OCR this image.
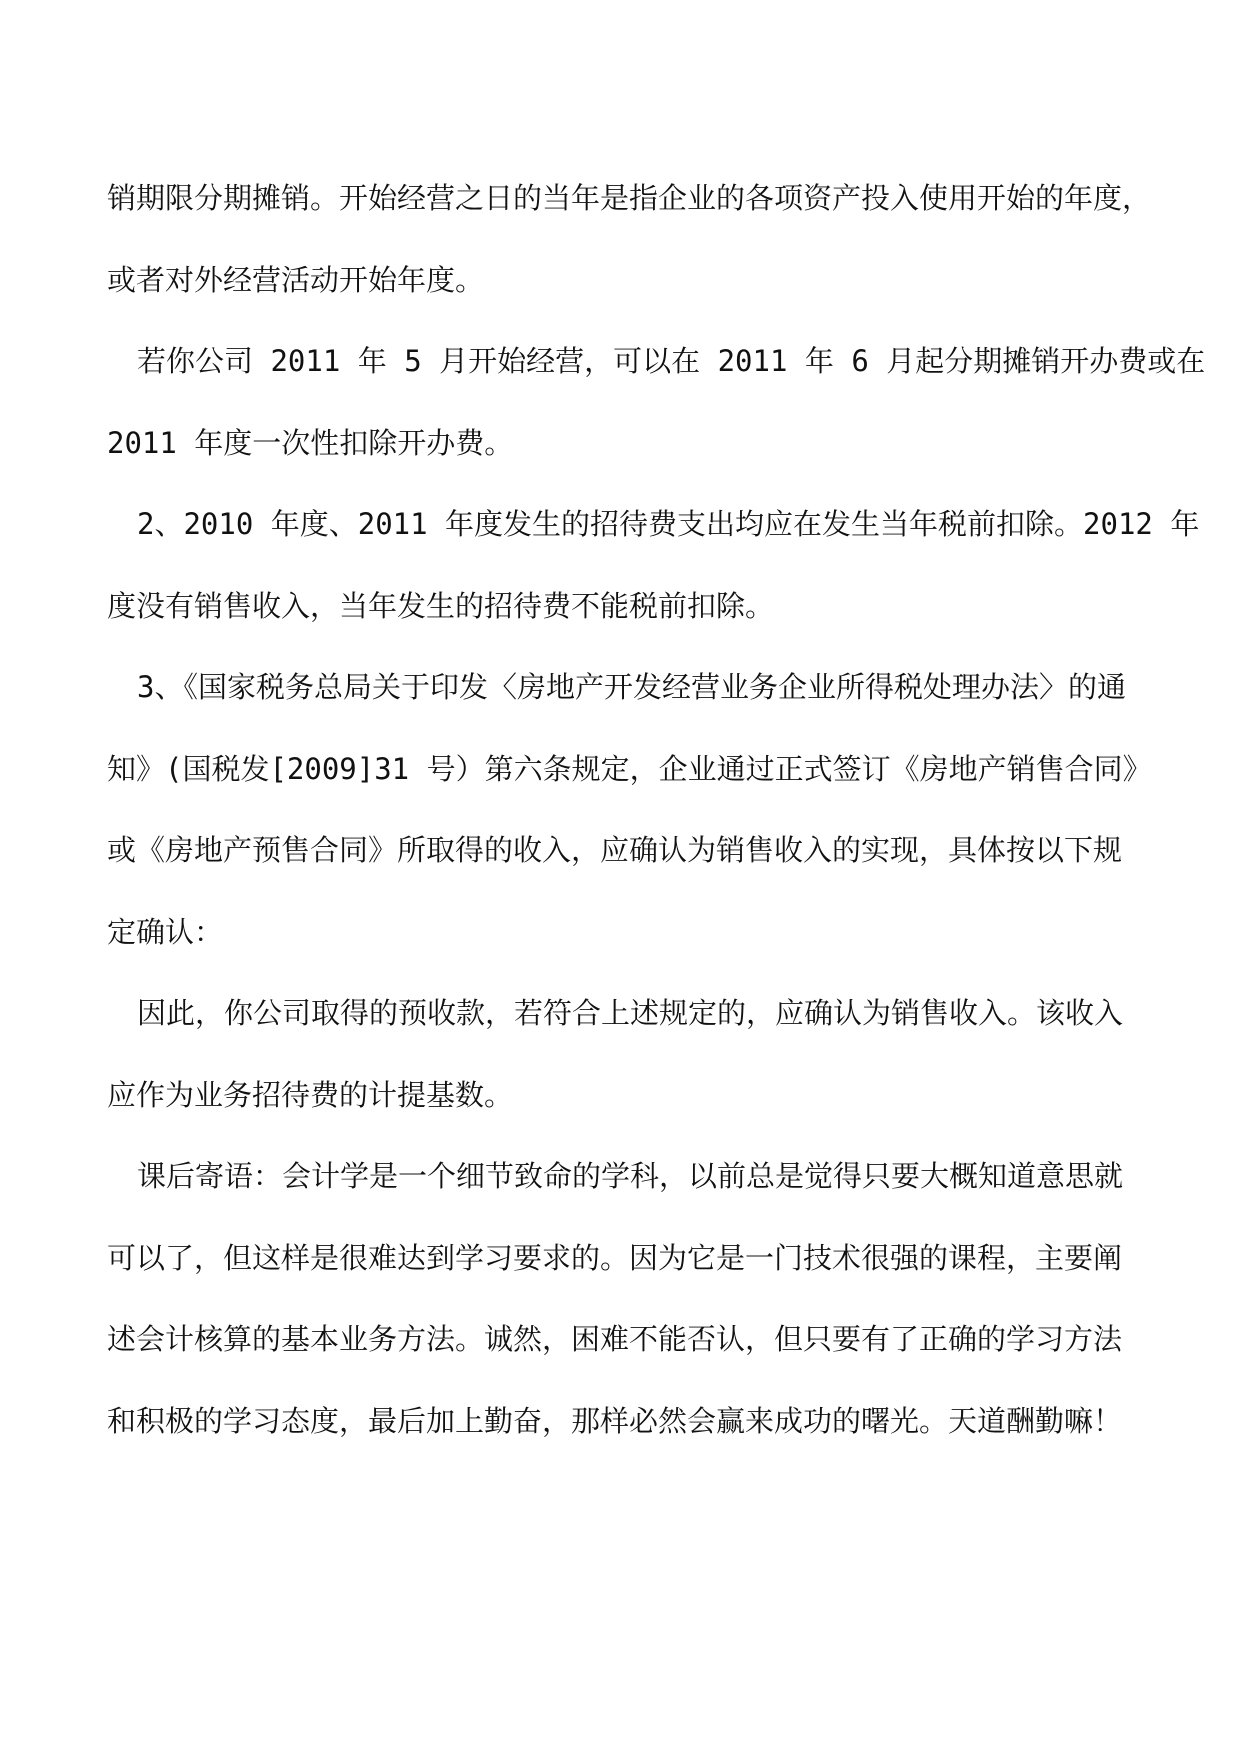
销期限分期摊销。开始经营之日的当年是指企业的各项资产投入使用开始的年度，
或者对外经营活动开始年度。

若你公司 2011 年 5 月开始经营，可以在 2011 年 6 月起分期摊销开办费或在
2011 年度一次性扣除开办费。

2、2010 年度、2011 年度发生的招待费支出均应在发生当年税前扣除。2012 年
度没有销售收入，当年发生的招待费不能税前扣除。

3、《国家税务总局关于印发〈房地产开发经营业务企业所得税处理办法〉的通
知》(国税发[2009]31 号）第六条规定，企业通过正式签订《房地产销售合同》
或《房地产预售合同》所取得的收入，应确认为销售收入的实现，具体按以下规
定确认：

因此，你公司取得的预收款，若符合上述规定的，应确认为销售收入。该收入
应作为业务招待费的计提基数。

课后寄语：会计学是一个细节致命的学科，以前总是觉得只要大概知道意思就
可以了，但这样是很难达到学习要求的。因为它是一门技术很强的课程，主要阐
述会计核算的基本业务方法。诚然，困难不能否认，但只要有了正确的学习方法
和积极的学习态度，最后加上勤奋，那样必然会赢来成功的曙光。天道酬勤嘛！
